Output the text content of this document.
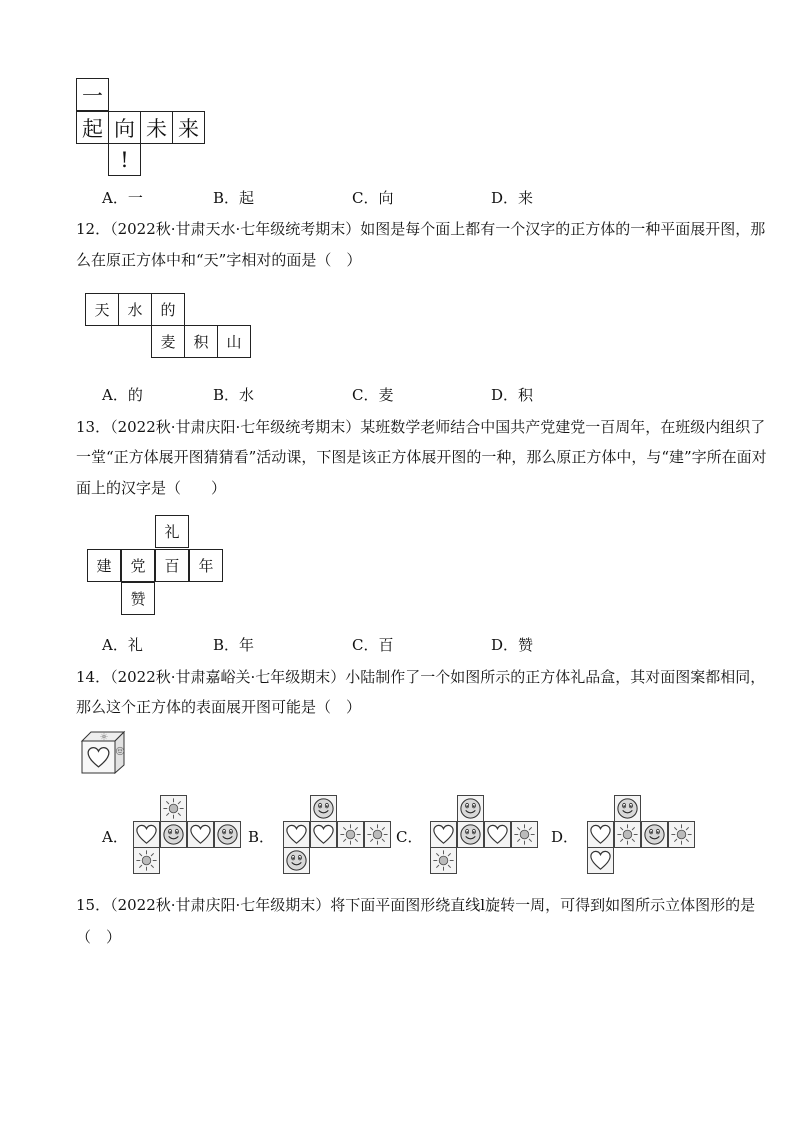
一
起 向 未 来
!
A．一	B．起	C．向	D．来
12．（2022秋·甘肃天水·七年级统考期末）如图是每个面上都有一个汉字的正方体的一种平面展开图，那
么在原正方体中和“天”字相对的面是（　）
天	水	的
麦	积	山
A．的	B．水	C．麦	D．积
13．（2022秋·甘肃庆阳·七年级统考期末）某班数学老师结合中国共产党建党一百周年，在班级内组织了
一堂“正方体展开图猜猜看”活动课，下图是该正方体展开图的一种，那么原正方体中，与“建”字所在面对
面上的汉字是（　　）
礼
建	党	百	年
赞
A．礼	B．年	C．百	D．赞
14．（2022秋·甘肃嘉峪关·七年级期末）小陆制作了一个如图所示的正方体礼品盒，其对面图案都相同，
那么这个正方体的表面展开图可能是（　）
A．	B．	C．	D．
15．（2022秋·甘肃庆阳·七年级期末）将下面平面图形绕直线l旋转一周，可得到如图所示立体图形的是
（　）
